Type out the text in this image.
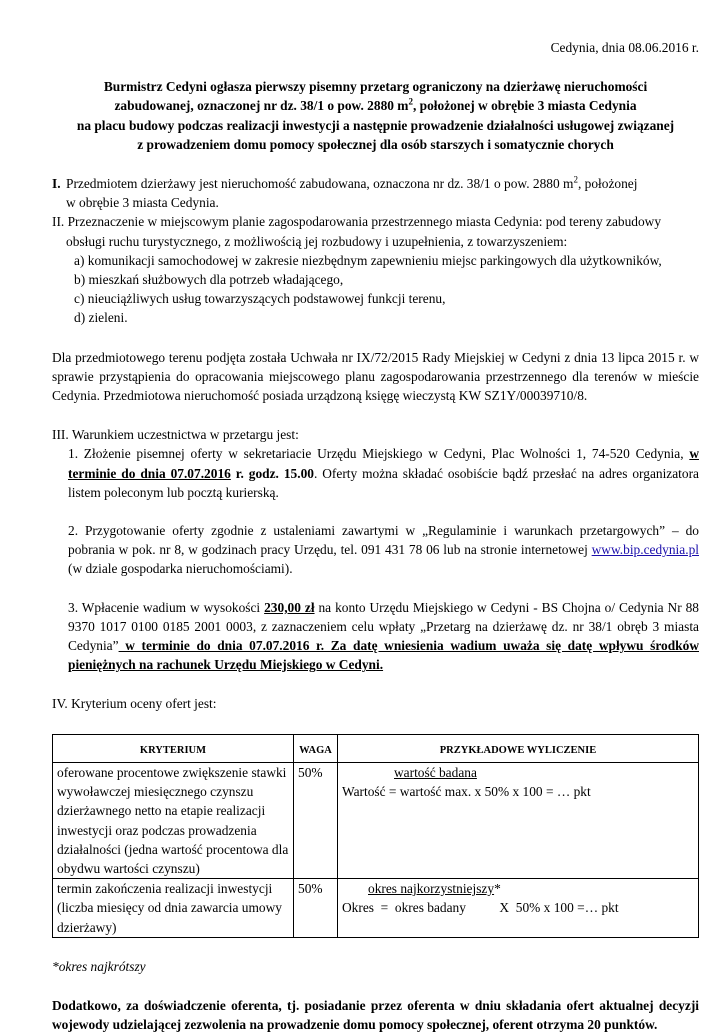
Cedynia, dnia 08.06.2016 r.

Burmistrz Cedyni ogłasza pierwszy pisemny przetarg ograniczony na dzierżawę nieruchomości
zabudowanej, oznaczonej nr dz. 38/1 o pow. 2880 $m^2$, położonej w obrębie 3 miasta Cedynia
na placu budowy podczas realizacji inwestycji a następnie prowadzenie działalności usługowej związanej
z prowadzeniem domu pomocy społecznej dla osób starszych i somatycznie chorych
I. Przedmiotem dzierżawy jest nieruchomość zabudowana, oznaczona nr dz. 38/1 o pow. 2880 $m^2$, położonej

w obrębie 3 miasta Cedynia.

II. Przeznaczenie w miejscowym planie zagospodarowania przestrzennego miasta Cedynia: pod tereny zabudowy

obsługi ruchu turystycznego, z możliwością jej rozbudowy i uzupełnienia, z towarzyszeniem:

a) komunikacji samochodowej w zakresie niezbędnym zapewnieniu miejsc parkingowych dla użytkowników,

b) mieszkań służbowych dla potrzeb władającego,

c) nieuciążliwych usług towarzyszących podstawowej funkcji terenu,

d) zieleni.

Dla przedmiotowego terenu podjęta została Uchwała nr IX/72/2015 Rady Miejskiej w Cedyni z dnia 13 lipca 2015 r. w sprawie przystąpienia do opracowania miejscowego planu zagospodarowania przestrzennego dla terenów w mieście Cedynia. Przedmiotowa nieruchomość posiada urządzoną księgę wieczystą KW SZ1Y/00039710/8.

III. Warunkiem uczestnictwa w przetargu jest:

1. Złożenie pisemnej oferty w sekretariacie Urzędu Miejskiego w Cedyni, Plac Wolności 1, 74-520 Cedynia, w terminie do dnia 07.07.2016 r. godz. 15.00. Oferty można składać osobiście bądź przesłać na adres organizatora listem poleconym lub pocztą kurierską.

2. Przygotowanie oferty zgodnie z ustaleniami zawartymi w „Regulaminie i warunkach przetargowych” – do pobrania w pok. nr 8, w godzinach pracy Urzędu, tel. 091 431 78 06 lub na stronie internetowej www.bip.cedynia.pl (w dziale gospodarka nieruchomościami).

3. Wpłacenie wadium w wysokości 230,00 zł na konto Urzędu Miejskiego w Cedyni - BS Chojna o/ Cedynia Nr 88 9370 1017 0100 0185 2001 0003, z zaznaczeniem celu wpłaty „Przetarg na dzierżawę dz. nr 38/1 obręb 3 miasta Cedynia” w terminie do dnia 07.07.2016 r. Za datę wniesienia wadium uważa się datę wpływu środków pieniężnych na rachunek Urzędu Miejskiego w Cedyni.

IV. Kryterium oceny ofert jest:

KRYTERIUM	WAGA	PRZYKŁADOWE WYLICZENIE
oferowane procentowe zwiększenie stawki wywoławczej miesięcznego czynszu dzierżawnego netto na etapie realizacji inwestycji oraz podczas prowadzenia działalności (jedna wartość procentowa dla obydwu wartości czynszu)	50%	wartość badana
Wartość = wartość max. x 50% x 100 = … pkt

termin zakończenia realizacji inwestycji (liczba miesięcy od dnia zawarcia umowy dzierżawy)	50%	okres najkorzystniejszy*
Okres  =  okres badany          X  50% x 100 =… pkt

*okres najkrótszy

Dodatkowo, za doświadczenie oferenta, tj. posiadanie przez oferenta w dniu składania ofert aktualnej decyzji wojewody udzielającej zezwolenia na prowadzenie domu pomocy społecznej, oferent otrzyma 20 punktów.
